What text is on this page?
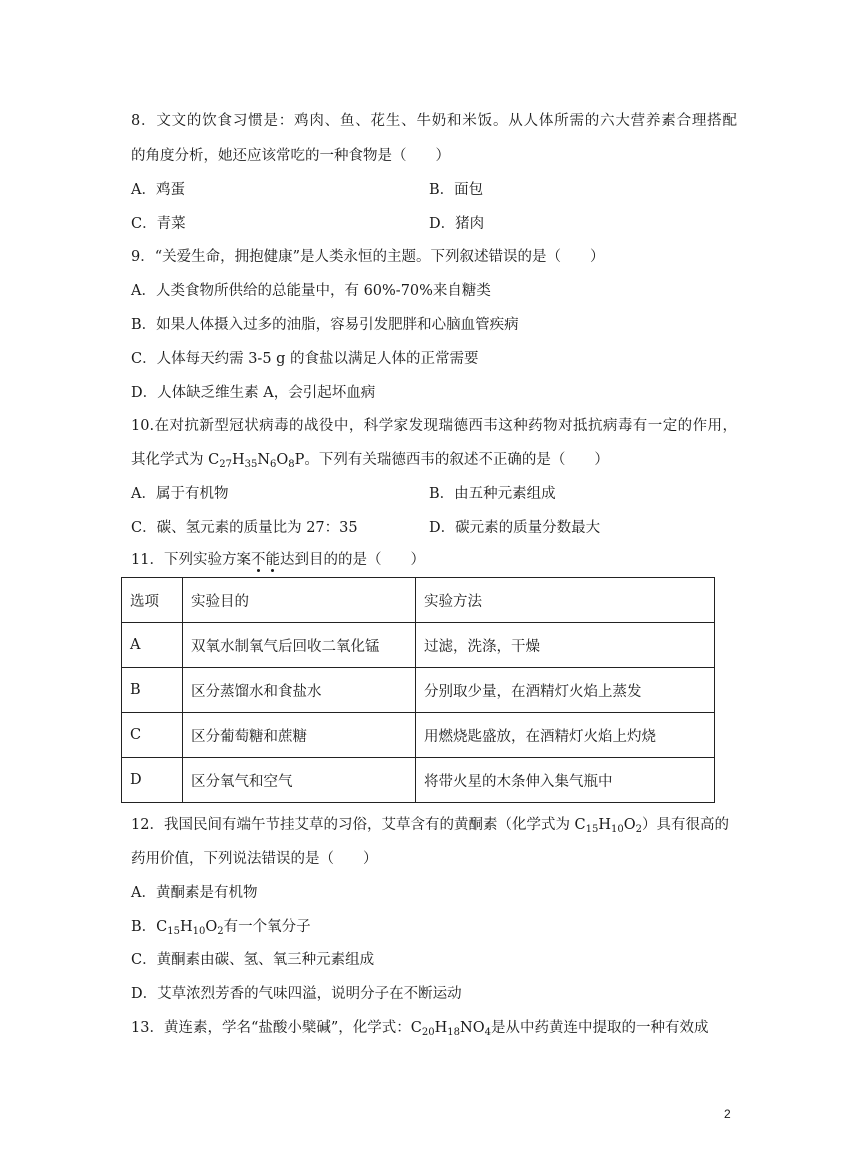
8．文文的饮食习惯是：鸡肉、鱼、花生、牛奶和米饭。从人体所需的六大营养素合理搭配
的角度分析，她还应该常吃的一种食物是（　　）
A．鸡蛋	B．面包
C．青菜	D．猪肉
9．“关爱生命，拥抱健康”是人类永恒的主题。下列叙述错误的是（　　）
A．人类食物所供给的总能量中，有 60%-70%来自糖类
B．如果人体摄入过多的油脂，容易引发肥胖和心脑血管疾病
C．人体每天约需 3-5 g 的食盐以满足人体的正常需要
D．人体缺乏维生素 A，会引起坏血病
10.在对抗新型冠状病毒的战役中，科学家发现瑞德西韦这种药物对抵抗病毒有一定的作用，
其化学式为 $C_{27}H_{35}N_6O_8P$。下列有关瑞德西韦的叙述不正确的是（　　）
A．属于有机物	B．由五种元素组成
C．碳、氢元素的质量比为 27：35	D．碳元素的质量分数最大
11．下列实验方案不能达到目的的是（　　）
选项	实验目的	实验方法
A	双氧水制氧气后回收二氧化锰	过滤，洗涤，干燥
B	区分蒸馏水和食盐水	分别取少量，在酒精灯火焰上蒸发
C	区分葡萄糖和蔗糖	用燃烧匙盛放，在酒精灯火焰上灼烧
D	区分氧气和空气	将带火星的木条伸入集气瓶中
12．我国民间有端午节挂艾草的习俗，艾草含有的黄酮素（化学式为 $C_{15}H_{10}O_2$）具有很高的
药用价值，下列说法错误的是（　　）
A．黄酮素是有机物
B．$C_{15}H_{10}O_2$有一个氧分子
C．黄酮素由碳、氢、氧三种元素组成
D．艾草浓烈芳香的气味四溢，说明分子在不断运动
13．黄连素，学名“盐酸小檗碱”，化学式：$C_{20}H_{18}NO_4$是从中药黄连中提取的一种有效成
2
